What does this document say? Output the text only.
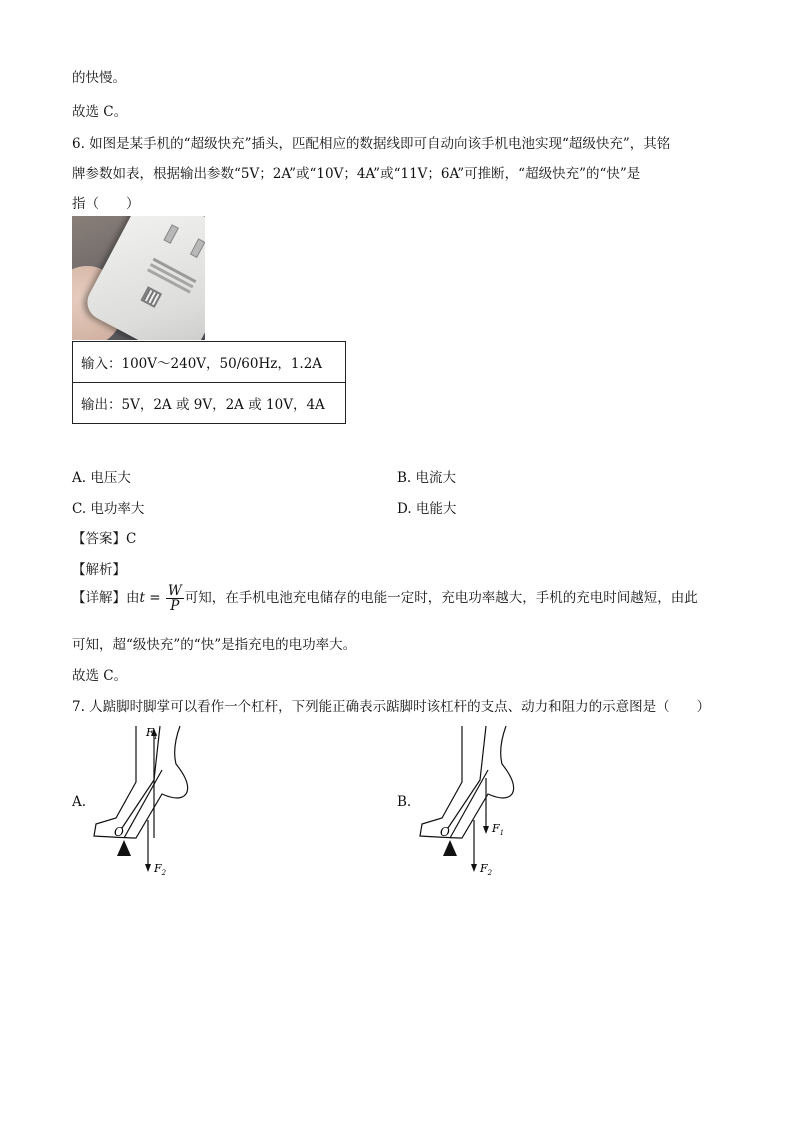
的快慢。
故选 C。
6. 如图是某手机的“超级快充”插头，匹配相应的数据线即可自动向该手机电池实现“超级快充”，其铭
牌参数如表，根据输出参数“5V；2A”或“10V；4A”或“11V；6A”可推断，“超级快充”的“快”是
指（　　）
输入：100V～240V，50/60Hz，1.2A
输出：5V，2A 或 9V，2A 或 10V，4A
A. 电压大	B. 电流大
C. 电功率大	D. 电能大
【答案】C
【解析】
【详解】由$t = \frac{W}{P}$ 可知，在手机电池充电储存的电能一定时，充电功率越大，手机的充电时间越短，由此
可知，超“级快充”的“快”是指充电的电功率大。
故选 C。
7. 人踮脚时脚掌可以看作一个杠杆，下列能正确表示踮脚时该杠杆的支点、动力和阻力的示意图是（　　）
A.	B.
$F_1$
$F_2$
O	$F_1$
$F_2$
O
